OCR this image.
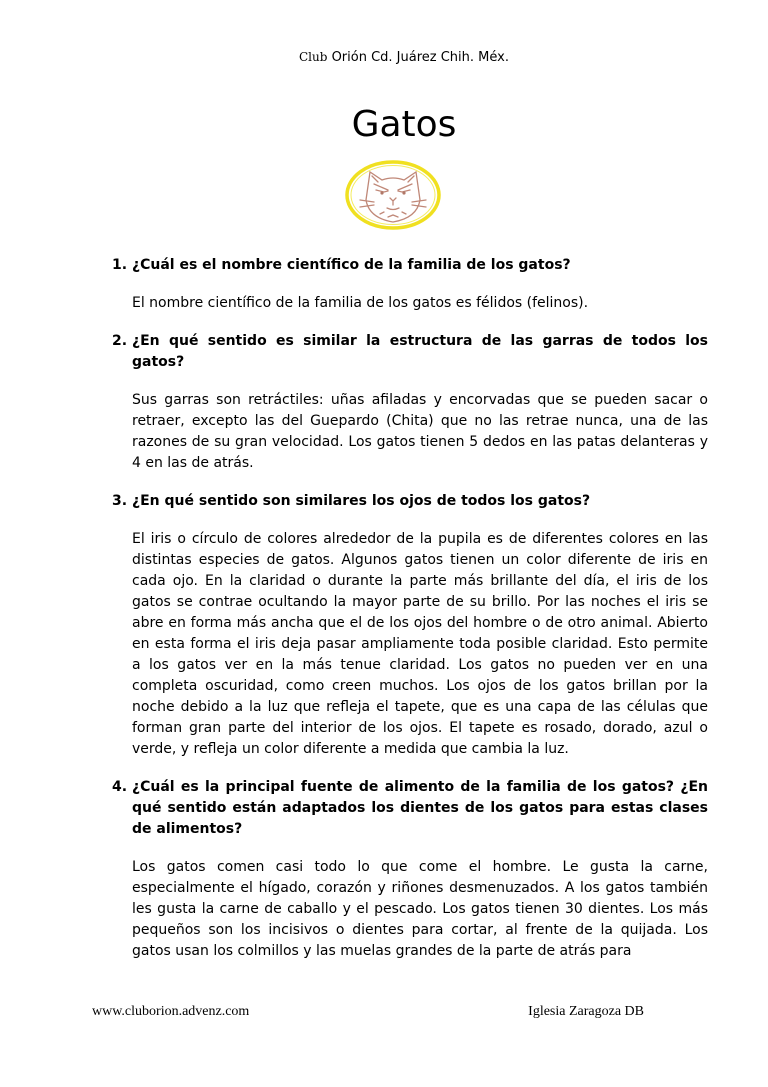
Club Orión Cd. Juárez Chih. Méx.
Gatos
1. ¿Cuál es el nombre científico de la familia de los gatos?
El nombre científico de la familia de los gatos es félidos (felinos).
2. ¿En qué sentido es similar la estructura de las garras de todos los gatos?
Sus garras son retráctiles: uñas afiladas y encorvadas que se pueden sacar o retraer, excepto las del Guepardo (Chita) que no las retrae nunca, una de las razones de su gran velocidad. Los gatos tienen 5 dedos en las patas delanteras y 4 en las de atrás.
3. ¿En qué sentido son similares los ojos de todos los gatos?
El iris o círculo de colores alrededor de la pupila es de diferentes colores en las distintas especies de gatos. Algunos gatos tienen un color diferente de iris en cada ojo. En la claridad o durante la parte más brillante del día, el iris de los gatos se contrae ocultando la mayor parte de su brillo. Por las noches el iris se abre en forma más ancha que el de los ojos del hombre o de otro animal. Abierto en esta forma el iris deja pasar ampliamente toda posible claridad. Esto permite a los gatos ver en la más tenue claridad. Los gatos no pueden ver en una completa oscuridad, como creen muchos. Los ojos de los gatos brillan por la noche debido a la luz que refleja el tapete, que es una capa de las células que forman gran parte del interior de los ojos. El tapete es rosado, dorado, azul o verde, y refleja un color diferente a medida que cambia la luz.
4. ¿Cuál es la principal fuente de alimento de la familia de los gatos? ¿En qué sentido están adaptados los dientes de los gatos para estas clases de alimentos?
Los gatos comen casi todo lo que come el hombre. Le gusta la carne, especialmente el hígado, corazón y riñones desmenuzados. A los gatos también les gusta la carne de caballo y el pescado. Los gatos tienen 30 dientes. Los más pequeños son los incisivos o dientes para cortar, al frente de la quijada. Los gatos usan los colmillos y las muelas grandes de la parte de atrás para
www.cluborion.advenz.com	Iglesia Zaragoza DB
